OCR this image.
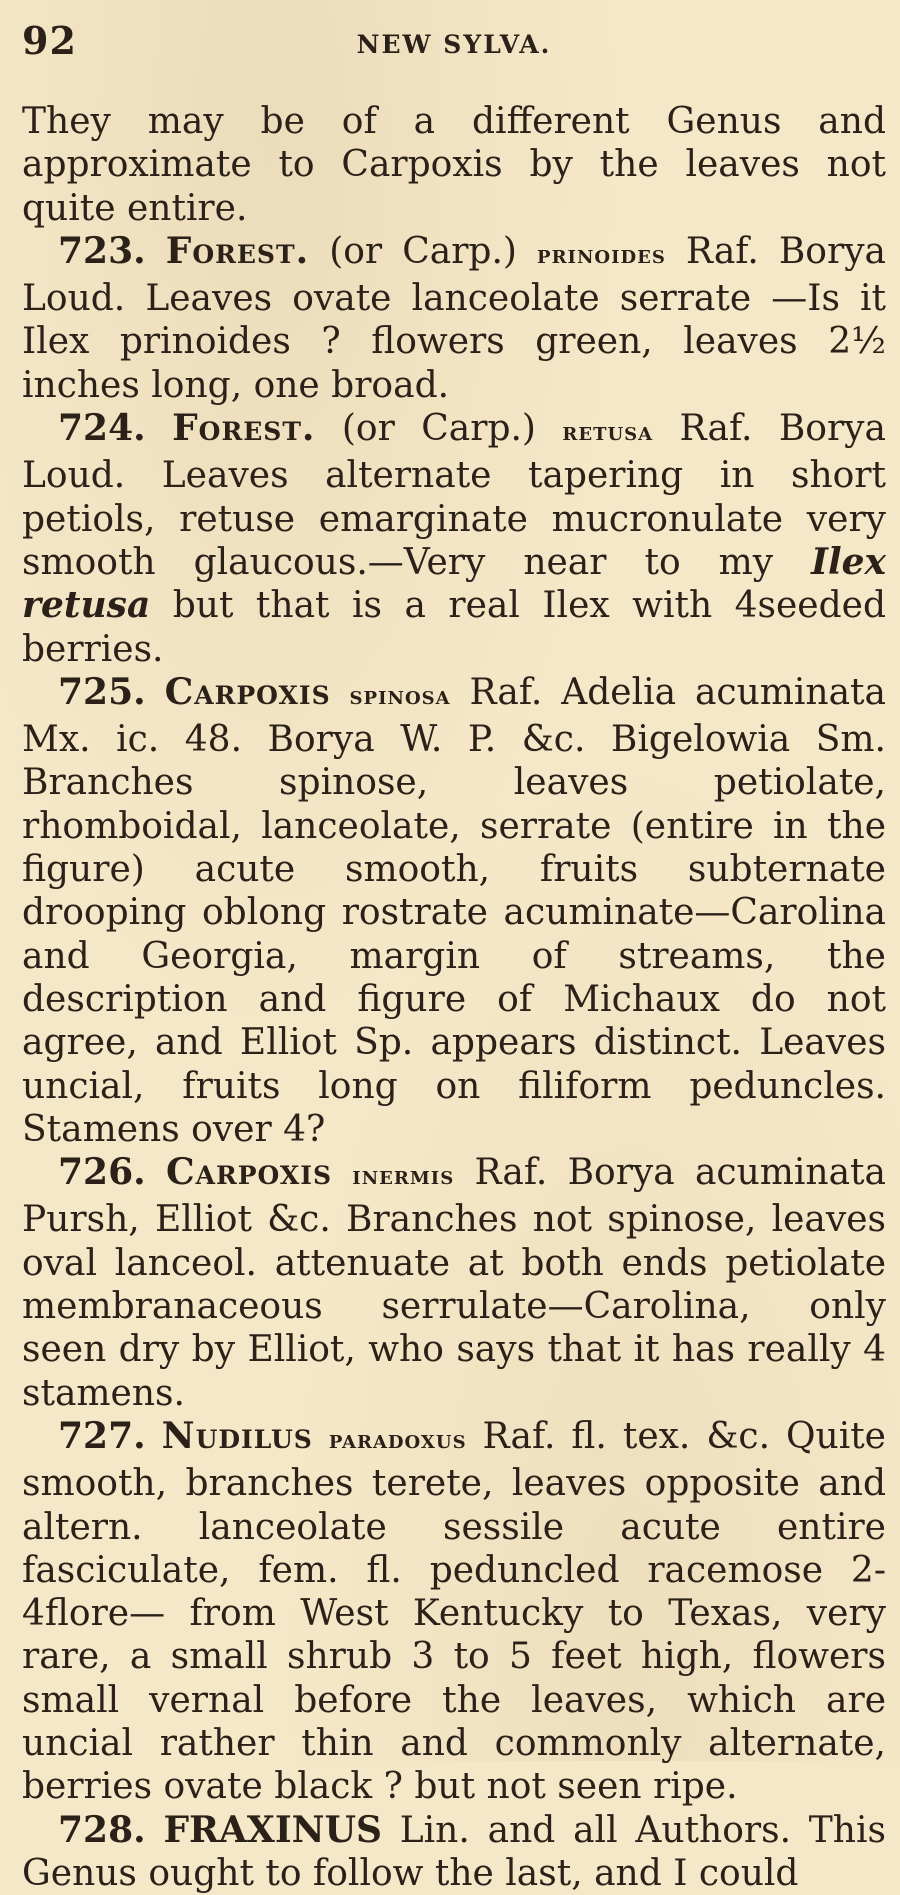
92	NEW SYLVA.

They may be of a different Genus and approximate to Carpoxis by the leaves not quite entire.

723. Forest. (or Carp.) prinoides Raf. Borya Loud. Leaves ovate lanceolate serrate —Is it Ilex prinoides ? flowers green, leaves 2½ inches long, one broad.

724. Forest. (or Carp.) retusa Raf. Borya Loud. Leaves alternate tapering in short petiols, retuse emarginate mucronulate very smooth glaucous.—Very near to my Ilex retusa but that is a real Ilex with 4seeded berries.

725. Carpoxis spinosa Raf. Adelia acuminata Mx. ic. 48. Borya W. P. &c. Bigelowia Sm. Branches spinose, leaves petiolate, rhomboidal, lanceolate, serrate (entire in the figure) acute smooth, fruits subternate drooping oblong rostrate acuminate—Carolina and Georgia, margin of streams, the description and figure of Michaux do not agree, and Elliot Sp. appears distinct. Leaves uncial, fruits long on filiform peduncles. Stamens over 4?

726. Carpoxis inermis Raf. Borya acuminata Pursh, Elliot &c. Branches not spinose, leaves oval lanceol. attenuate at both ends petiolate membranaceous serrulate—Carolina, only seen dry by Elliot, who says that it has really 4 stamens.

727. Nudilus paradoxus Raf. fl. tex. &c. Quite smooth, branches terete, leaves opposite and altern. lanceolate sessile acute entire fasciculate, fem. fl. peduncled racemose 2-4flore— from West Kentucky to Texas, very rare, a small shrub 3 to 5 feet high, flowers small vernal before the leaves, which are uncial rather thin and commonly alternate, berries ovate black ? but not seen ripe.

728. FRAXINUS Lin. and all Authors. This Genus ought to follow the last, and I could
